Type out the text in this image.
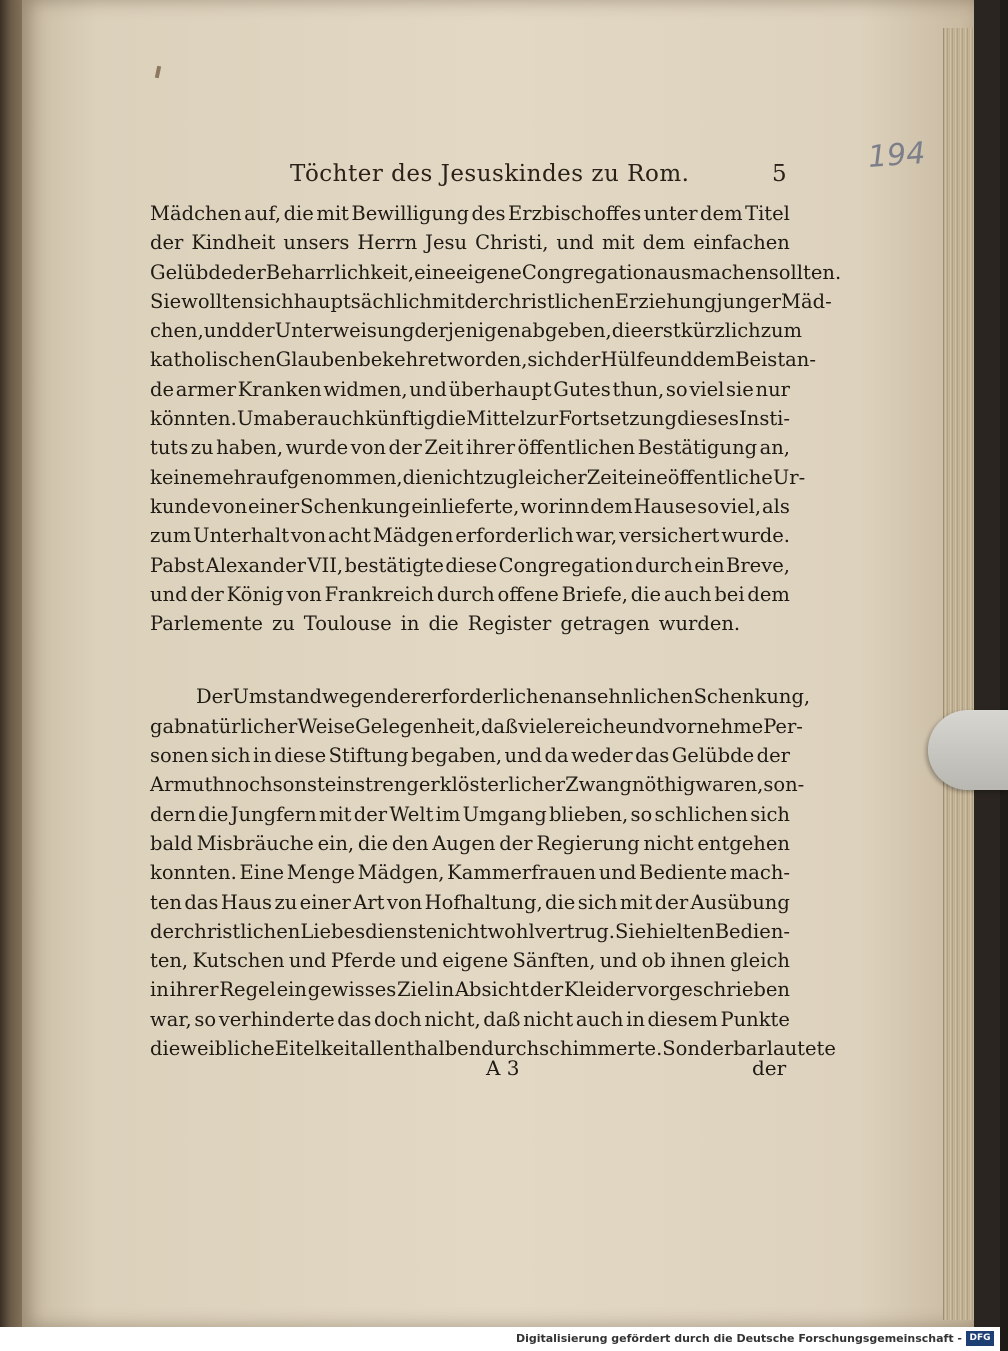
Töchter des Jesuskindes zu Rom.	5	194
Mädchen auf, die mit Bewilligung des Erzbischoffes unter dem Titel
der Kindheit unsers Herrn Jesu Christi, und mit dem einfachen
Gelübde der Beharrlichkeit, eine eigene Congregation ausmachen sollten.
Sie wollten sich hauptsächlich mit der christlichen Erziehung junger Mäd-
chen, und der Unterweisung derjenigen abgeben, die erst kürzlich zum
katholischen Glauben bekehret worden, sich der Hülfe und dem Beistan-
de armer Kranken widmen, und überhaupt Gutes thun, so viel sie nur
könnten. Um aber auch künftig die Mittel zur Fortsetzung dieses Insti-
tuts zu haben, wurde von der Zeit ihrer öffentlichen Bestätigung an,
keine mehr aufgenommen, die nicht zu gleicher Zeit eine öffentliche Ur-
kunde von einer Schenkung einlieferte, worinn dem Hause so viel, als
zum Unterhalt von acht Mädgen erforderlich war, versichert wurde.
Pabst Alexander VII, bestätigte diese Congregation durch ein Breve,
und der König von Frankreich durch offene Briefe, die auch bei dem
Parlemente zu Toulouse in die Register getragen wurden.
Der Umstand wegen der erforderlichen ansehnlichen Schenkung,
gab natürlicher Weise Gelegenheit, daß viele reiche und vornehme Per-
sonen sich in diese Stiftung begaben, und da weder das Gelübde der
Armuth noch sonst ein strenger klösterlicher Zwang nöthig waren, son-
dern die Jungfern mit der Welt im Umgang blieben, so schlichen sich
bald Misbräuche ein, die den Augen der Regierung nicht entgehen
konnten. Eine Menge Mädgen, Kammerfrauen und Bediente mach-
ten das Haus zu einer Art von Hofhaltung, die sich mit der Ausübung
der christlichen Liebesdienste nicht wohl vertrug. Sie hielten Bedien-
ten, Kutschen und Pferde und eigene Sänften, und ob ihnen gleich
in ihrer Regel ein gewisses Ziel in Absicht der Kleider vorgeschrieben
war, so verhinderte das doch nicht, daß nicht auch in diesem Punkte
die weibliche Eitelkeit allenthalben durchschimmerte. Sonderbar lautete
A 3	der
Digitalisierung gefördert durch die Deutsche Forschungsgemeinschaft - DFG
